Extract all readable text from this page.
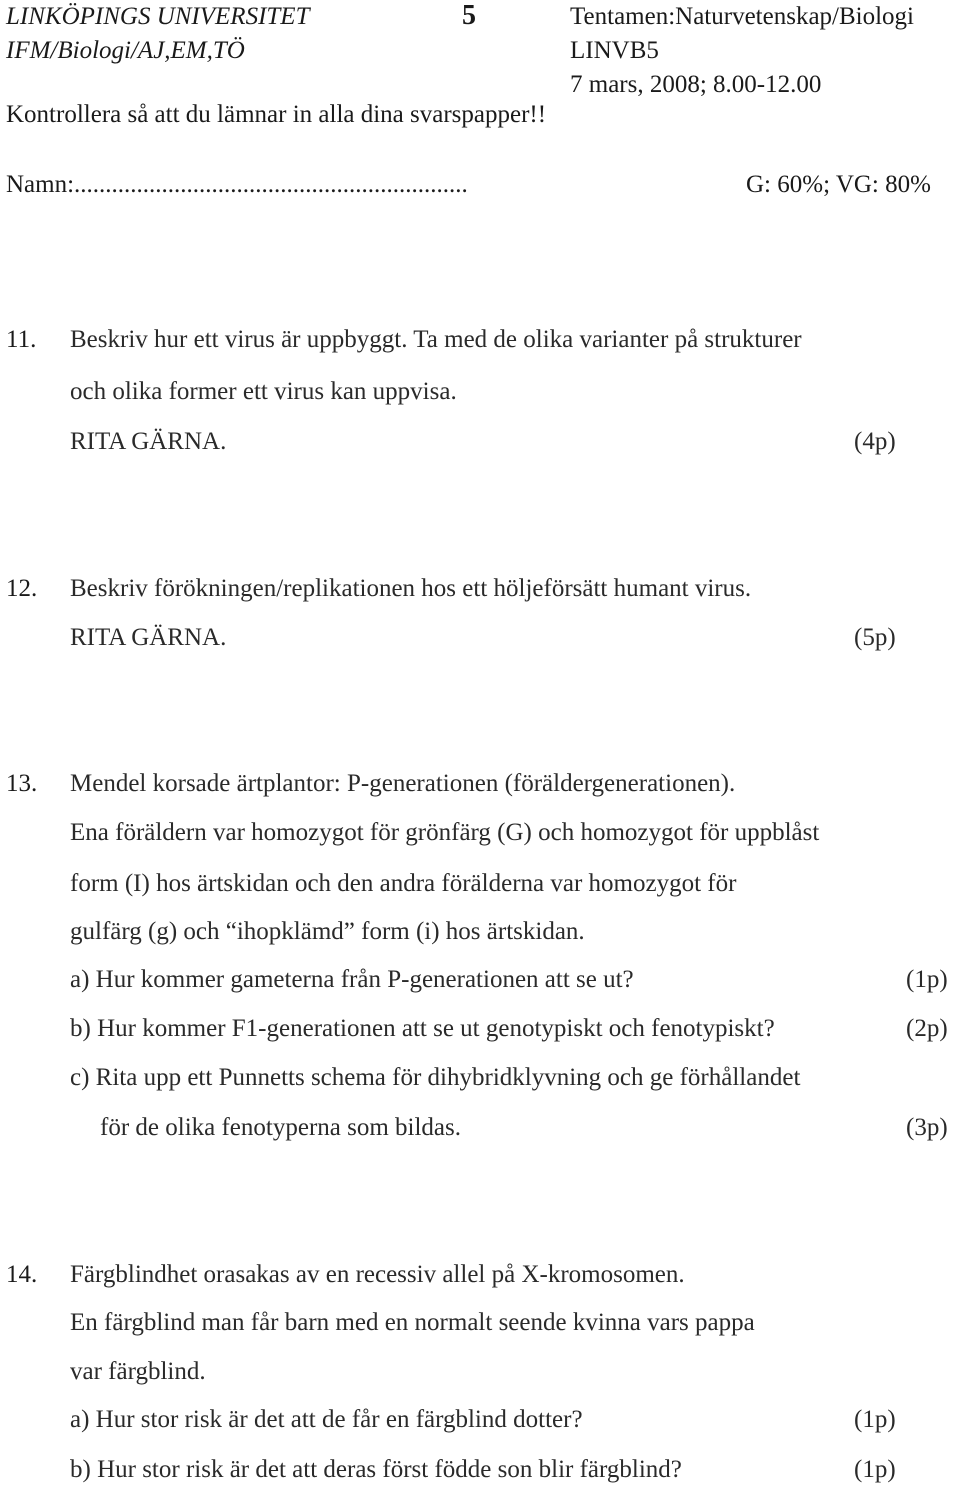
LINKÖPINGS UNIVERSITET	5	Tentamen:Naturvetenskap/Biologi
IFM/Biologi/AJ,EM,TÖ	LINVB5
7 mars, 2008; 8.00-12.00
Kontrollera så att du lämnar in alla dina svarspapper!!
Namn:...............................................................	G: 60%; VG: 80%
11. Beskriv hur ett virus är uppbyggt. Ta med de olika varianter på strukturer
och olika former ett virus kan uppvisa.
RITA GÄRNA.	(4p)
12. Beskriv förökningen/replikationen hos ett höljeförsätt humant virus.
RITA GÄRNA.	(5p)
13. Mendel korsade ärtplantor: P-generationen (föräldergenerationen).
Ena föräldern var homozygot för grönfärg (G) och homozygot för uppblåst
form (I) hos ärtskidan och den andra förälderna var homozygot för
gulfärg (g) och “ihopklämd” form (i) hos ärtskidan.
a) Hur kommer gameterna från P-generationen att se ut?	(1p)
b) Hur kommer F1-generationen att se ut genotypiskt och fenotypiskt?	(2p)
c) Rita upp ett Punnetts schema för dihybridklyvning och ge förhållandet
för de olika fenotyperna som bildas.	(3p)
14. Färgblindhet orasakas av en recessiv allel på X-kromosomen.
En färgblind man får barn med en normalt seende kvinna vars pappa
var färgblind.
a) Hur stor risk är det att de får en färgblind dotter?	(1p)
b) Hur stor risk är det att deras först födde son blir färgblind?	(1p)
